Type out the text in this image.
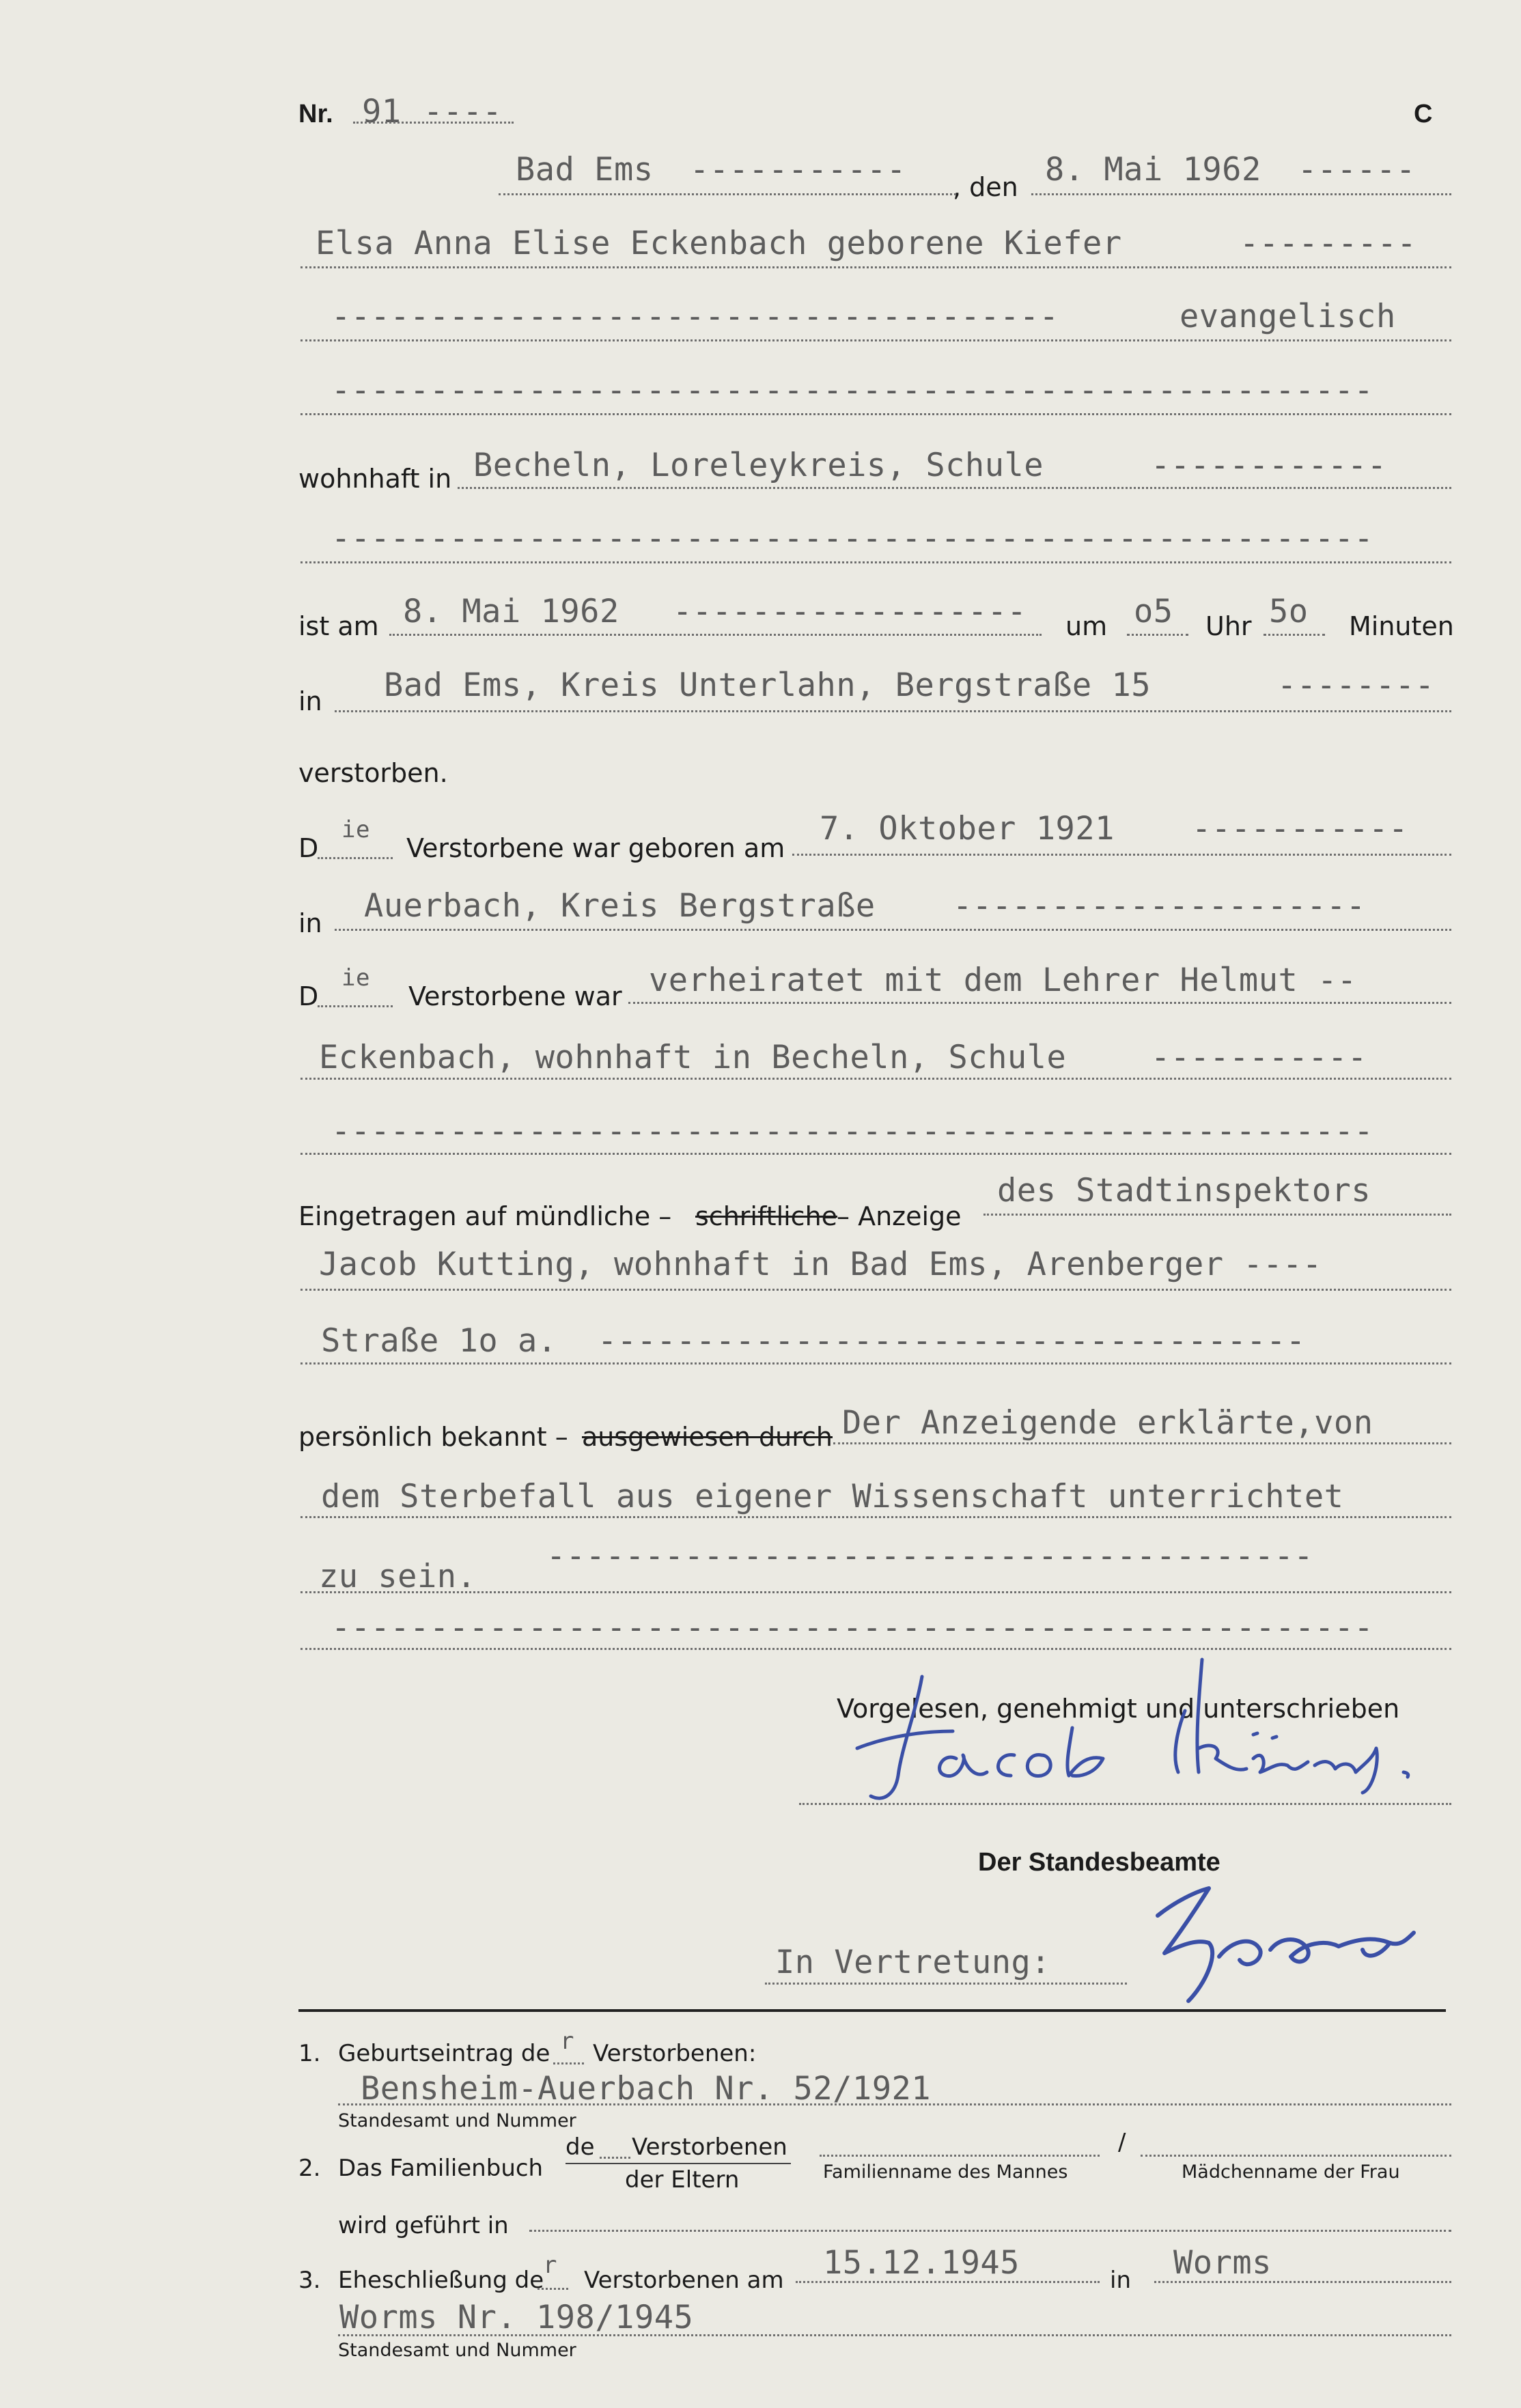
Nr. 91 ----	C
Bad Ems ----------- , den 8. Mai 1962 ------
Elsa Anna Elise Eckenbach geborene Kiefer	---------
-------------------------------------	evangelisch
-----------------------------------------------------
wohnhaft in Becheln, Loreleykreis, Schule	------------
-----------------------------------------------------
ist am 8. Mai 1962 ------------------ um o5 Uhr 5o Minuten
in Bad Ems, Kreis Unterlahn, Bergstraße 15	--------
verstorben.
D
ie
Verstorbene war geboren am
7. Oktober 1921 -----------
in Auerbach, Kreis Bergstraße ---------------------
D
ie
Verstorbene war verheiratet mit dem Lehrer Helmut --
Eckenbach, wohnhaft in Becheln, Schule	-----------
-----------------------------------------------------
Eingetragen auf mündliche – schriftliche
– Anzeige
des Stadtinspektors
Jacob Kutting, wohnhaft in Bad Ems, Arenberger ----
Straße 1o a. ------------------------------------
persönlich bekannt – ausgewiesen durch Der Anzeigende erklärte,von
dem Sterbefall aus eigener Wissenschaft unterrichtet
---------------------------------------
zu sein.
-----------------------------------------------------
Vorgelesen, genehmigt und unterschrieben
Der Standesbeamte
In Vertretung:
1. Geburtseintrag de r Verstorbenen:
Bensheim-Auerbach Nr. 52/1921
Standesamt und Nummer
2. Das Familienbuch
de Verstorbenen
der Eltern	Familienname des Mannes
/
Mädchenname der Frau
wird geführt in
3. Eheschließung de
r
Verstorbenen am 15.12.1945	in Worms
Worms Nr. 198/1945
Standesamt und Nummer
